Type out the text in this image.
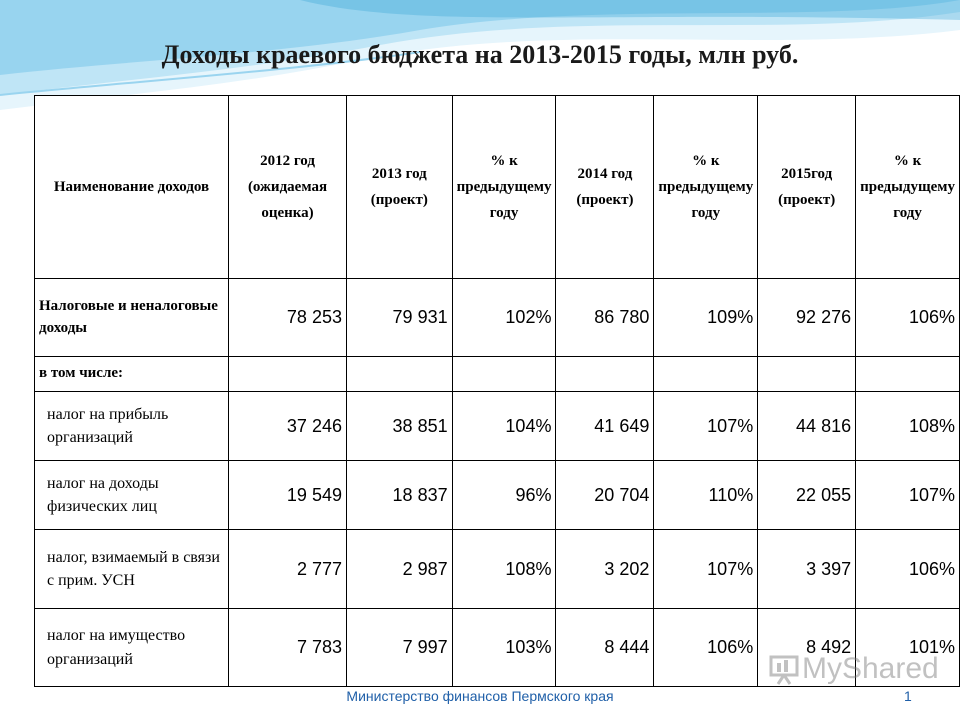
Доходы краевого бюджета на 2013-2015 годы, млн руб.
Наименование доходов	2012 год (ожидаемая оценка)	2013 год (проект)	% к предыдущему году	2014 год (проект)	% к предыдущему году	2015год (проект)	% к предыдущему году
Налоговые и неналоговые доходы	78 253	79 931	102%	86 780	109%	92 276	106%
в том числе:							
налог на прибыль организаций	37 246	38 851	104%	41 649	107%	44 816	108%
налог на доходы физических лиц	19 549	18 837	96%	20 704	110%	22 055	107%
налог, взимаемый в связи с прим. УСН	2 777	2 987	108%	3 202	107%	3 397	106%
налог на имущество организаций	7 783	7 997	103%	8 444	106%	8 492	101%
MyShared
Министерство финансов Пермского края	1
